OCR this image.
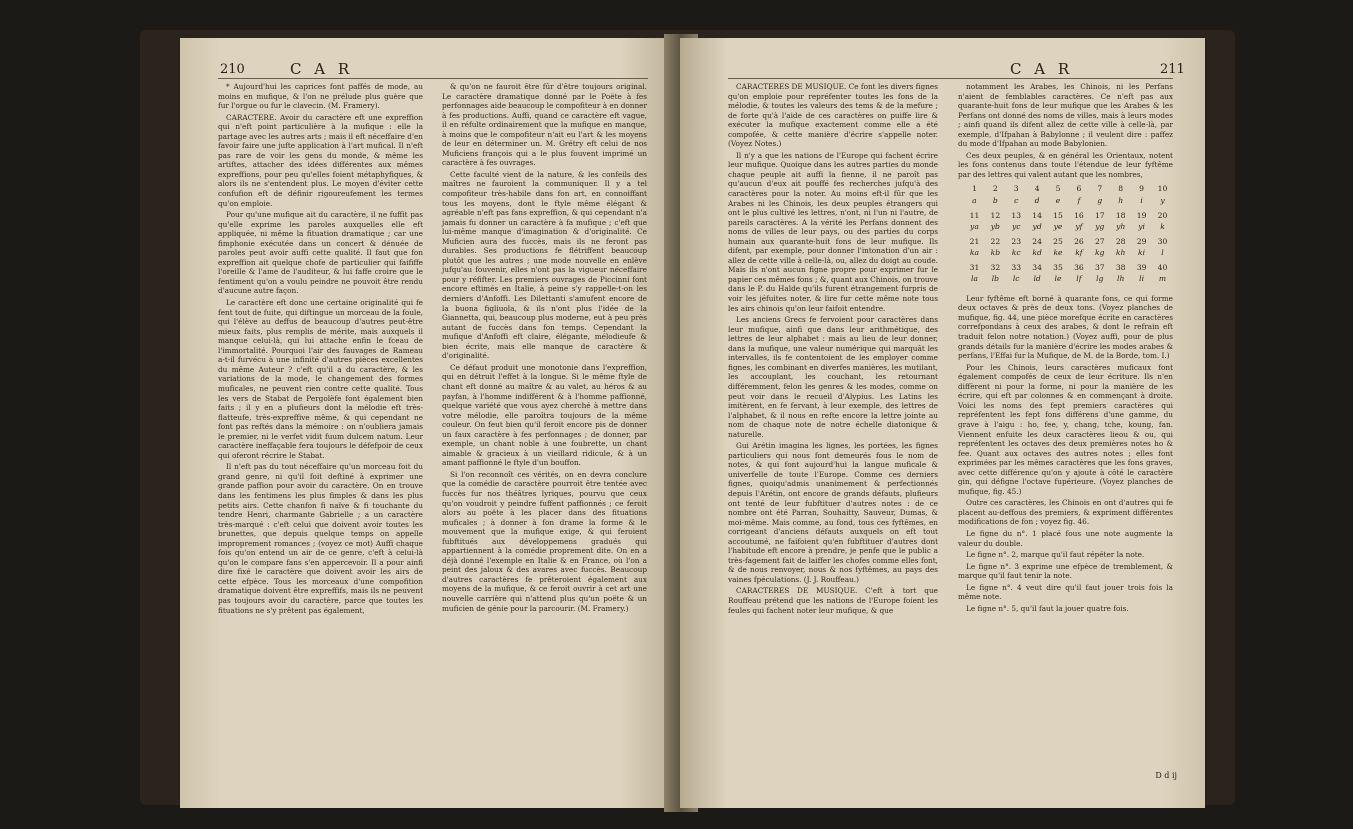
210	C A R

* Aujourd'hui les caprices font paffés de mode, au moins en mufique, & l'on ne prélude plus guère que fur l'orgue ou fur le clavecin. (M. Framery).

CARACTERE. Avoir du caractère eft une expreffion qui n'eft point particulière à la mufique : elle la partage avec les autres arts ; mais il eft néceffaire d'en favoir faire une jufte application à l'art mufical. Il n'eft pas rare de voir les gens du monde, & même les artiftes, attacher des idées différentes aux mêmes expreffions, pour peu qu'elles foient métaphyfiques, & alors ils ne s'entendent plus. Le moyen d'éviter cette confufion eft de définir rigoureufement les termes qu'on emploie.

Pour qu'une mufique ait du caractère, il ne fuffit pas qu'elle exprime les paroles auxquelles elle eft appliquée, ni même la fituation dramatique ; car une fimphonie exécutée dans un concert & dénuée de paroles peut avoir auffi cette qualité. Il faut que fon expreffion ait quelque chofe de particulier qui faififfe l'oreille & l'ame de l'auditeur, & lui faffe croire que le fentiment qu'on a voulu peindre ne pouvoit être rendu d'aucune autre façon.

Le caractère eft donc une certaine originalité qui fe fent tout de fuite, qui diftingue un morceau de la foule, qui l'élève au deffus de beaucoup d'autres peut-être mieux faits, plus remplis de mérite, mais auxquels il manque celui-là, qui lui attache enfin le fceau de l'immortalité. Pourquoi l'air des fauvages de Rameau a-t-il furvécu à une infinité d'autres pièces excellentes du même Auteur ? c'eft qu'il a du caractère, & les variations de la mode, le changement des formes muficales, ne peuvent rien contre cette qualité. Tous les vers de Stabat de Pergolèfe font également bien faits ; il y en a plufieurs dont la mélodie eft très-flatteufe, très-expreffive même, & qui cependant ne font pas reftés dans la mémoire : on n'oubliera jamais le premier, ni le verfet vidit fuum dulcem natum. Leur caractère ineffaçable fera toujours le défefpoir de ceux qui oferont récrire le Stabat.

Il n'eft pas du tout néceffaire qu'un morceau foit du grand genre, ni qu'il foit deftiné à exprimer une grande paffion pour avoir du caractère. On en trouve dans les fentimens les plus fimples & dans les plus petits airs. Cette chanfon fi naïve & fi touchante du tendre Henri, charmante Gabrielle ; a un caractère très-marqué : c'eft celui que doivent avoir toutes les brunettes, que depuis quelque temps on appelle improprement romances ; (voyez ce mot) Auffi chaque fois qu'on entend un air de ce genre, c'eft à celui-là qu'on le compare fans s'en appercevoir. Il a pour ainfi dire fixé le caractère que doivent avoir les airs de cette efpèce. Tous les morceaux d'une compofition dramatique doivent être expreffifs, mais ils ne peuvent pas toujours avoir du caractère, parce que toutes les fituations ne s'y prêtent pas également,

& qu'on ne fauroit être fûr d'être toujours original. Le caractère dramatique donné par le Poëte à fes perfonnages aide beaucoup le compofiteur à en donner à fes productions. Auffi, quand ce caractère eft vague, il en réfulte ordinairement que la mufique en manque, à moins que le compofiteur n'ait eu l'art & les moyens de leur en déterminer un. M. Grétry eft celui de nos Muficiens françois qui a le plus fouvent imprimé un caractère à fes ouvrages.

Cette faculté vient de la nature, & les confeils des maîtres ne fauroient la communiquer. Il y a tel compofiteur très-habile dans fon art, en connoiffant tous les moyens, dont le ftyle même élégant & agréable n'eft pas fans expreffion, & qui cependant n'a jamais fu donner un caractère à fa mufique ; c'eft que lui-même manque d'imagination & d'originalité. Ce Muficien aura des fuccès, mais ils ne feront pas durables. Ses productions fe flétriffent beaucoup plutôt que les autres ; une mode nouvelle en enlève jufqu'au fouvenir, elles n'ont pas la vigueur néceffaire pour y réfifter. Les premiers ouvrages de Piccinni font encore eftimés en Italie, à peine s'y rappelle-t-on les derniers d'Anfoffi. Les Dilettanti s'amufent encore de la buona figliuola, & ils n'ont plus l'idée de la Giannetta, qui, beaucoup plus moderne, eut à peu près autant de fuccès dans fon temps. Cependant la mufique d'Anfoffi eft claire, élégante, mélodieufe & bien écrite, mais elle manque de caractère & d'originalité.

Ce défaut produit une monotonie dans l'expreffion, qui en détruit l'effet à la longue. Si le même ftyle de chant eft donné au maître & au valet, au héros & au payfan, à l'homme indifférent & à l'homme paffionné, quelque variété que vous ayez cherché à mettre dans votre mélodie, elle paroîtra toujours de la même couleur. On feut bien qu'il feroit encore pis de donner un faux caractère à fes perfonnages ; de donner, par exemple, un chant noble à une foubrette, un chant aimable & gracieux à un vieillard ridicule, & à un amant paffionné le ftyle d'un bouffon.

Si l'on reconnoît ces vérités, on en devra conclure que la comédie de caractère pourroit être tentée avec fuccès fur nos théâtres lyriques, pourvu que ceux qu'on voudroit y peindre fuffent paffionnés ; ce feroit alors au poëte à les placer dans des fituations muficales ; à donner à fon drame la forme & le mouvement que la mufique exige, & qui feroient fubftitués aux développemens gradués qui appartiennent à la comédie proprement dite. On en a déjà donné l'exemple en Italie & en France, où l'on a peint des jaloux & des avares avec fuccès. Beaucoup d'autres caractères fe prêteroient également aux moyens de la mufique, & ce feroit ouvrir à cet art une nouvelle carrière qui n'attend plus qu'un poëte & un muficien de génie pour la parcourir. (M. Framery.)

C A R	211

CARACTERES DE MUSIQUE. Ce font les divers fignes qu'on emploie pour repréfenter toutes les fons de la mélodie, & toutes les valeurs des tems & de la mefure ; de forte qu'à l'aide de ces caractères on puiffe lire & exécuter la mufique exactement comme elle a été compofée, & cette manière d'écrire s'appelle noter. (Voyez Notes.)

Il n'y a que les nations de l'Europe qui fachent écrire leur mufique. Quoique dans les autres parties du monde chaque peuple ait auffi la fienne, il ne paroît pas qu'aucun d'eux ait pouffé fes recherches jufqu'à des caractères pour la noter. Au moins eft-il fûr que les Arabes ni les Chinois, les deux peuples étrangers qui ont le plus cultivé les lettres, n'ont, ni l'un ni l'autre, de pareils caractères. A la vérité les Perfans donnent des noms de villes de leur pays, ou des parties du corps humain aux quarante-huit fons de leur mufique. Ils difent, par exemple, pour donner l'intonation d'un air : allez de cette ville à celle-là, ou, allez du doigt au coude. Mais ils n'ont aucun figne propre pour exprimer fur le papier ces mêmes fons ; &, quant aux Chinois, on trouve dans le P. du Halde qu'ils furent étrangement furpris de voir les jéfuites noter, & lire fur cette même note tous les airs chinois qu'on leur faifoit entendre.

Les anciens Grecs fe fervoient pour caractères dans leur mufique, ainfi que dans leur arithmétique, des lettres de leur alphabet : mais au lieu de leur donner, dans la mufique, une valeur numérique qui marquât les intervalles, ils fe contentoient de les employer comme fignes, les combinant en diverfes manières, les mutilant, les accouplant, les couchant, les retournant différemment, felon les genres & les modes, comme on peut voir dans le recueil d'Alypius. Les Latins les imitèrent, en fe fervant, à leur exemple, des lettres de l'alphabet, & il nous en refte encore la lettre jointe au nom de chaque note de notre échelle diatonique & naturelle.

Gui Arétin imagina les lignes, les portées, les fignes particuliers qui nous font demeurés fous le nom de notes, & qui font aujourd'hui la langue muficale & univerfelle de toute l'Europe. Comme ces derniers fignes, quoiqu'admis unanimement & perfectionnés depuis l'Arétin, ont encore de grands défauts, plufieurs ont tenté de leur fubftituer d'autres notes : de ce nombre ont été Parran, Souhaitty, Sauveur, Dumas, & moi-même. Mais comme, au fond, tous ces fyftêmes, en corrigeant d'anciens défauts auxquels on eft tout accoutumé, ne faifoient qu'en fubftituer d'autres dont l'habitude eft encore à prendre, je penfe que le public a très-fagement fait de laiffer les chofes comme elles font, & de nous renvoyer, nous & nos fyftêmes, au pays des vaines fpéculations. (J. J. Rouffeau.)

CARACTERES DE MUSIQUE. C'eft à tort que Rouffeau prétend que les nations de l'Europe foient les feules qui fachent noter leur mufique, & que

notamment les Arabes, les Chinois, ni les Perfans n'aient de femblables caractères. Ce n'eft pas aux quarante-huit fons de leur mufique que les Arabes & les Perfans ont donné des noms de villes, mais à leurs modes ; ainfi quand ils difent allez de cette ville à celle-là, par exemple, d'Ifpahan à Babylonne ; il veulent dire : paffez du mode d'Ifpahan au mode Babylonien.

Ces deux peuples, & en général les Orientaux, notent les fons contenus dans toute l'étendue de leur fyftême par des lettres qui valent autant que les nombres,

1	2	3	4	5	6	7	8	9	10
a	b	c	d	e	f	g	h	i	y
11	12	13	14	15	16	17	18	19	20
ya	yb	yc	yd	ye	yf	yg	yh	yi	k
21	22	23	24	25	26	27	28	29	30
ka	kb	kc	kd	ke	kf	kg	kh	ki	l
31	32	33	34	35	36	37	38	39	40
la	lb	lc	ld	le	lf	lg	lh	li	m

Leur fyftême eft borné à quarante fons, ce qui forme deux octaves & près de deux tons. (Voyez planches de mufique, fig. 44, une pièce morefque écrite en caractères correfpondans à ceux des arabes, & dont le refrain eft traduit felon notre notation.) (Voyez auffi, pour de plus grands détails fur la manière d'écrire les modes arabes & perfans, l'Effai fur la Mufique, de M. de la Borde, tom. I.)

Pour les Chinois, leurs caractères muficaux font également compofés de ceux de leur écriture. Ils n'en diffèrent ni pour la forme, ni pour la manière de les écrire, qui eft par colonnes & en commençant à droite. Voici les noms des fept premiers caractères qui repréfentent les fept fons différens d'une gamme, du grave à l'aigu : ho, fee, y, chang, tche, koung, fan. Viennent enfuite les deux caractères lieou & ou, qui repréfentent les octaves des deux premières notes ho & fee. Quant aux octaves des autres notes ; elles font exprimées par les mêmes caractères que les fons graves, avec cette différence qu'on y ajoute à côté le caractère gin, qui défigne l'octave fupérieure. (Voyez planches de mufique, fig. 45.)

Outre ces caractères, les Chinois en ont d'autres qui fe placent au-deffous des premiers, & expriment différentes modifications de fon ; voyez fig. 46.

Le figne du n°. 1 placé fous une note augmente la valeur du double.

Le figne n°. 2, marque qu'il faut répéter la note.

Le figne n°. 3 exprime une efpèce de tremblement, & marque qu'il faut tenir la note.

Le figne n°. 4 veut dire qu'il faut jouer trois fois la même note.

Le figne n°. 5, qu'il faut la jouer quatre fois.

D d ij
